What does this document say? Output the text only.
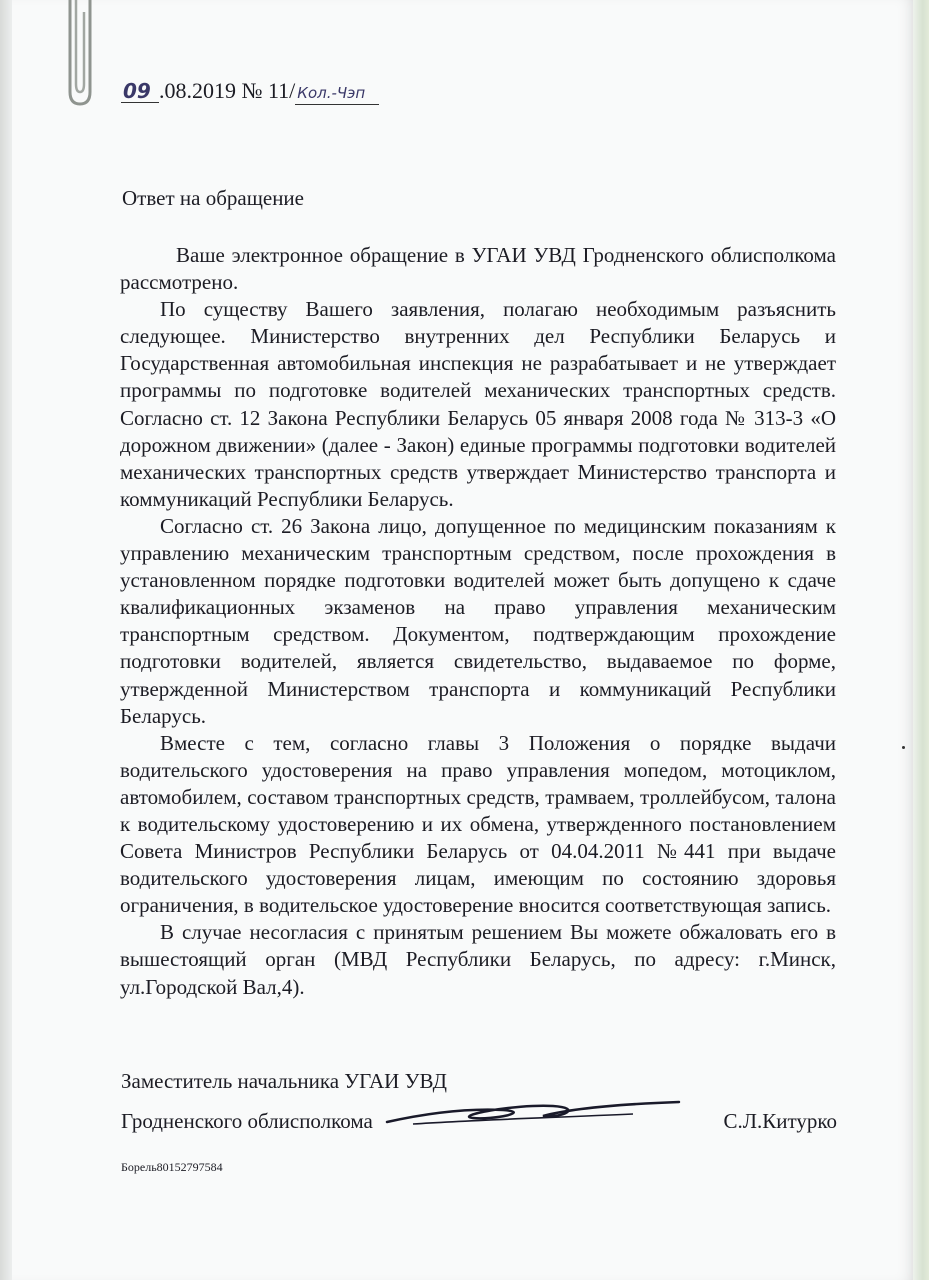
09 .08.2019 № 11/ Кол.-Чэп
Ответ на обращение

Ваше электронное обращение в УГАИ УВД Гродненского облисполкома рассмотрено.

По существу Вашего заявления, полагаю необходимым разъяснить следующее. Министерство внутренних дел Республики Беларусь и Государственная автомобильная инспекция не разрабатывает и не утверждает программы по подготовке водителей механических транспортных средств. Согласно ст. 12 Закона Республики Беларусь 05 января 2008 года № 313-3 «О дорожном движении» (далее - Закон) единые программы подготовки водителей механических транспортных средств утверждает Министерство транспорта и коммуникаций Республики Беларусь.

Согласно ст. 26 Закона лицо, допущенное по медицинским показаниям к управлению механическим транспортным средством, после прохождения в установленном порядке подготовки водителей может быть допущено к сдаче квалификационных экзаменов на право управления механическим транспортным средством. Документом, подтверждающим прохождение подготовки водителей, является свидетельство, выдаваемое по форме, утвержденной Министерством транспорта и коммуникаций Республики Беларусь.

Вместе с тем, согласно главы 3 Положения о порядке выдачи водительского удостоверения на право управления мопедом, мотоциклом, автомобилем, составом транспортных средств, трамваем, троллейбусом, талона к водительскому удостоверению и их обмена, утвержденного постановлением Совета Министров Республики Беларусь от 04.04.2011 №441 при выдаче водительского удостоверения лицам, имеющим по состоянию здоровья ограничения, в водительское удостоверение вносится соответствующая запись.

В случае несогласия с принятым решением Вы можете обжаловать его в вышестоящий орган (МВД Республики Беларусь, по адресу: г.Минск, ул.Городской Вал,4).

Заместитель начальника УГАИ УВД
Гродненского облисполкома	С.Л.Китурко
Борель80152797584
